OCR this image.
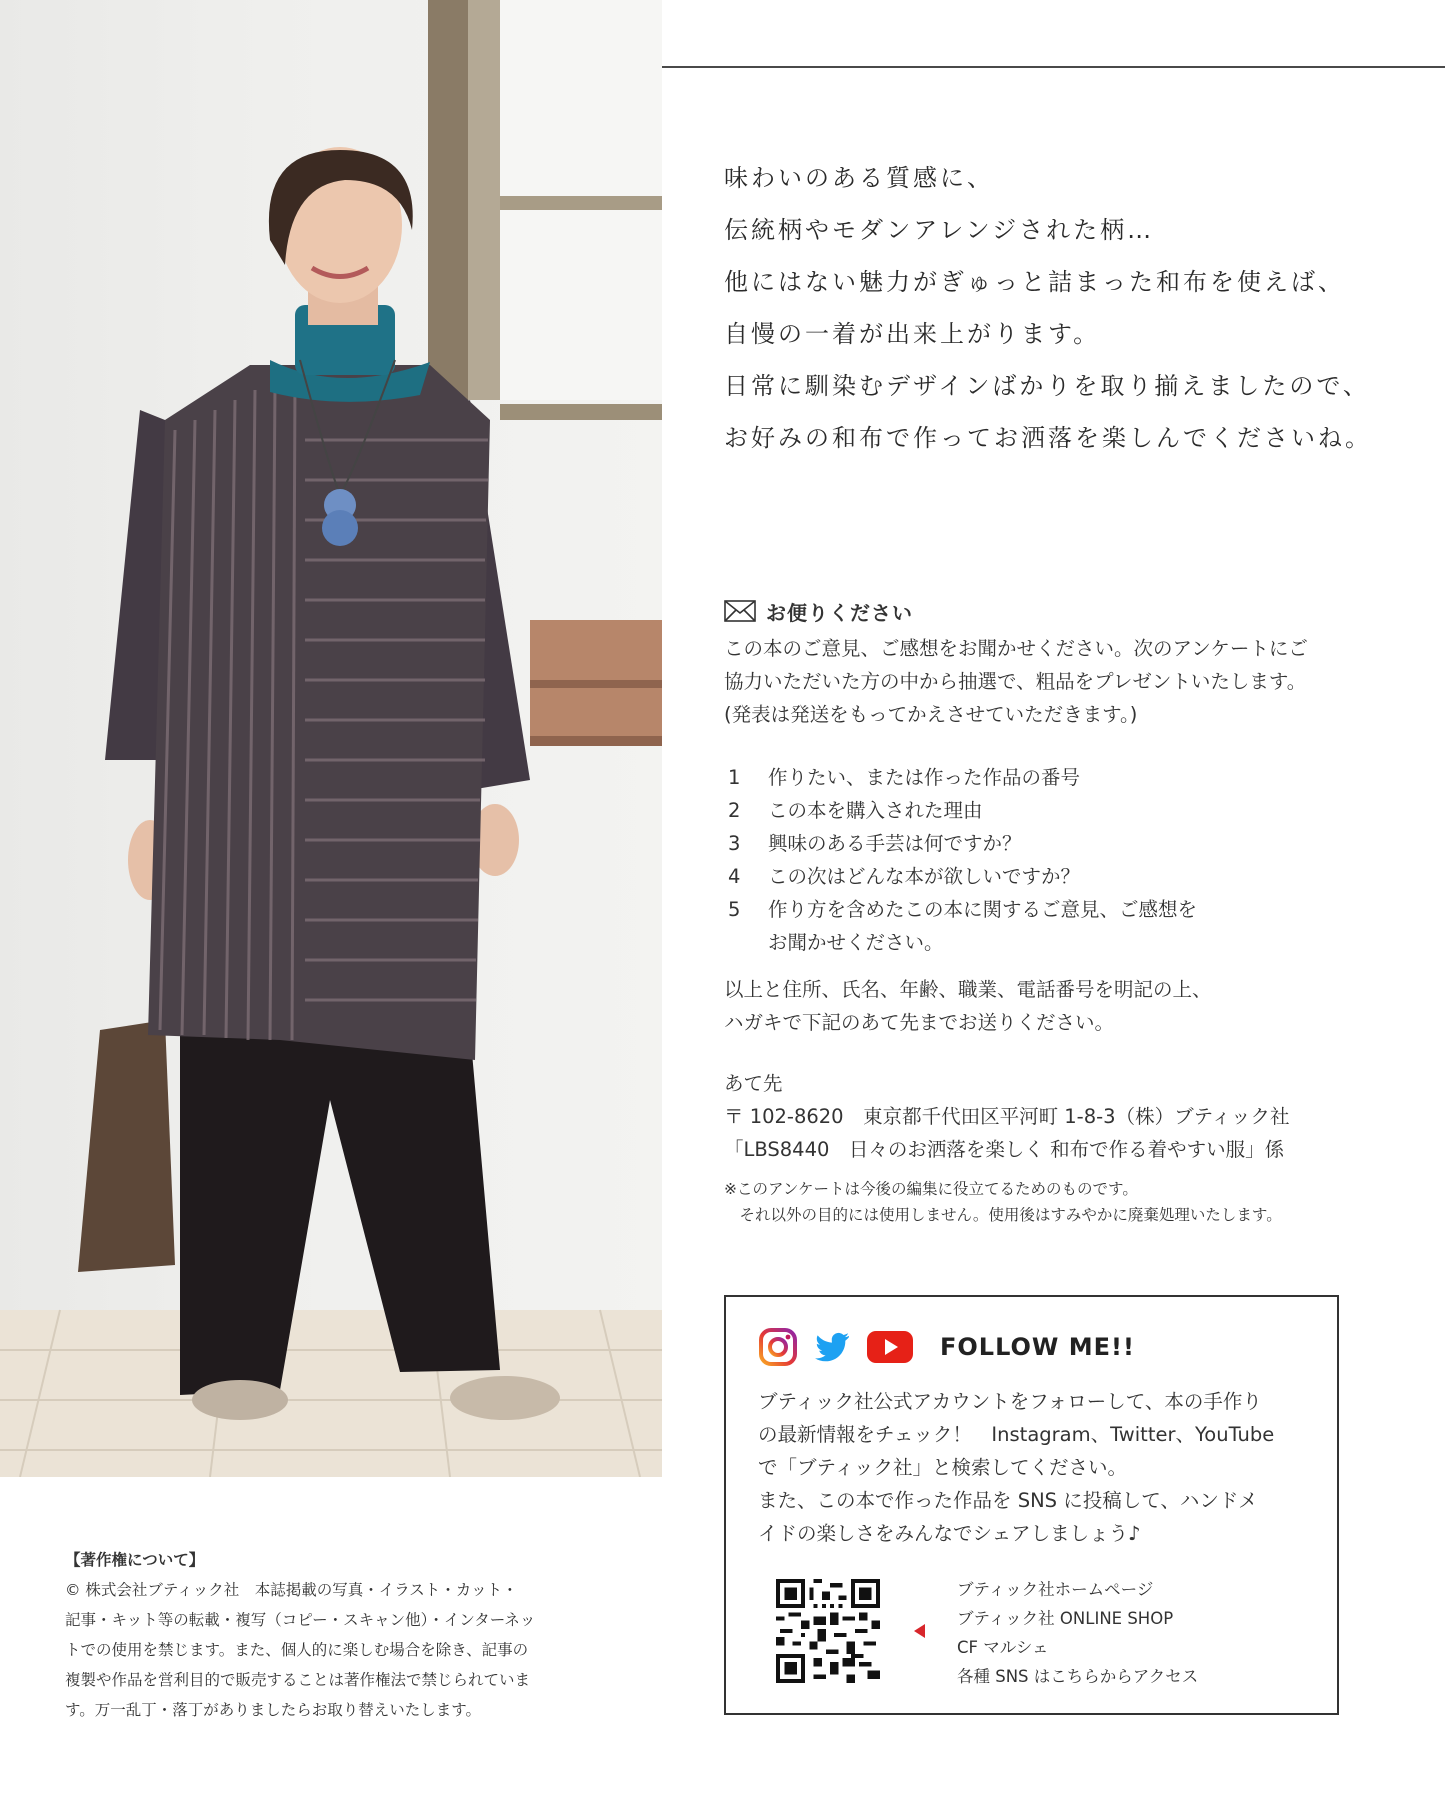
味わいのある質感に、

伝統柄やモダンアレンジされた柄…

他にはない魅力がぎゅっと詰まった和布を使えば、

自慢の一着が出来上がります。

日常に馴染むデザインばかりを取り揃えましたので、

お好みの和布で作ってお洒落を楽しんでくださいね。

お便りください
この本のご意見、ご感想をお聞かせください。次のアンケートにご
協力いただいた方の中から抽選で、粗品をプレゼントいたします。
(発表は発送をもってかえさせていただきます。)
1	作りたい、または作った作品の番号
2	この本を購入された理由
3	興味のある手芸は何ですか？
4	この次はどんな本が欲しいですか？
5	作り方を含めたこの本に関するご意見、ご感想を
お聞かせください。
以上と住所、氏名、年齢、職業、電話番号を明記の上、
ハガキで下記のあて先までお送りください。
あて先
〒 102-8620　東京都千代田区平河町 1-8-3（株）ブティック社
「LBS8440　日々のお洒落を楽しく 和布で作る着やすい服」係
※このアンケートは今後の編集に役立てるためのものです。
　それ以外の目的には使用しません。使用後はすみやかに廃棄処理いたします。
FOLLOW ME!!
ブティック社公式アカウントをフォローして、本の手作り
の最新情報をチェック！　Instagram、Twitter、YouTube
で「ブティック社」と検索してください。
また、この本で作った作品を SNS に投稿して、ハンドメ
イドの楽しさをみんなでシェアしましょう♪
ブティック社ホームページ
ブティック社 ONLINE SHOP
CF マルシェ
各種 SNS はこちらからアクセス
【著作権について】
© 株式会社ブティック社　本誌掲載の写真・イラスト・カット・
記事・キット等の転載・複写（コピー・スキャン他）・インターネッ
トでの使用を禁じます。また、個人的に楽しむ場合を除き、記事の
複製や作品を営利目的で販売することは著作権法で禁じられていま
す。万一乱丁・落丁がありましたらお取り替えいたします。
